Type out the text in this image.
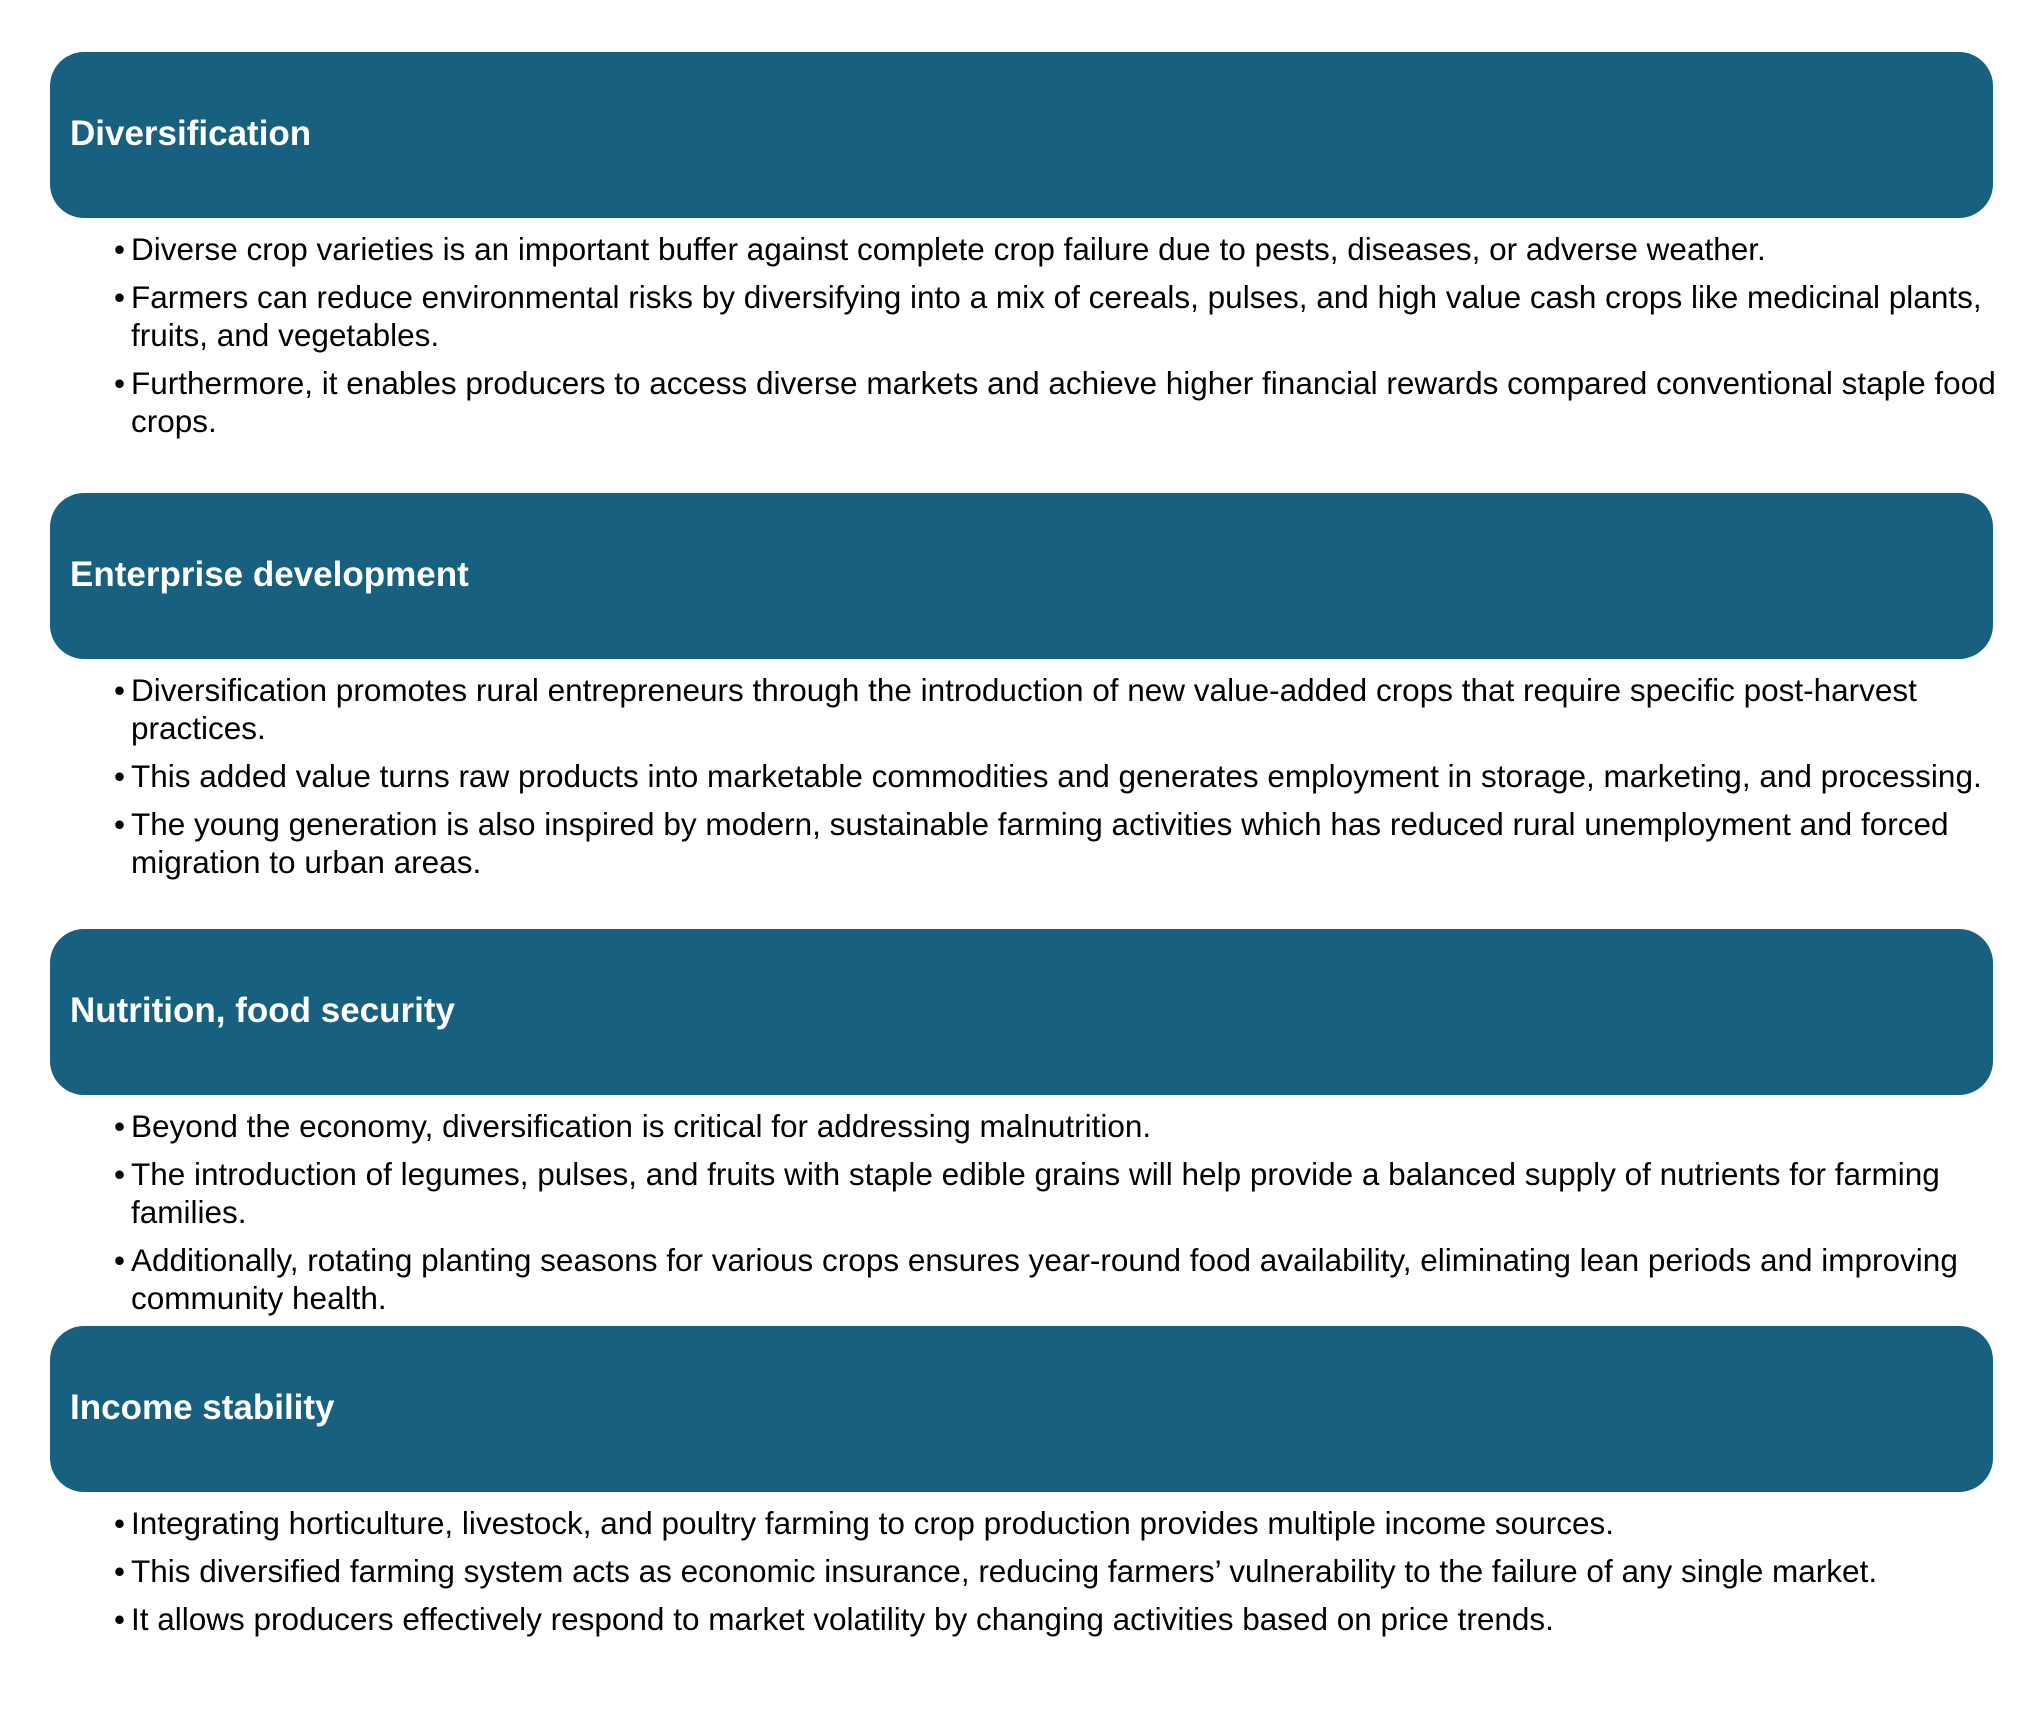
Diversification
• Diverse crop varieties is an important buffer against complete crop failure due to pests, diseases, or adverse weather.
• Farmers can reduce environmental risks by diversifying into a mix of cereals, pulses, and high value cash crops like medicinal plants, fruits, and vegetables.
• Furthermore, it enables producers to access diverse markets and achieve higher financial rewards compared conventional staple food crops.
Enterprise development
• Diversification promotes rural entrepreneurs through the introduction of new value-added crops that require specific post-harvest practices.
• This added value turns raw products into marketable commodities and generates employment in storage, marketing, and processing.
• The young generation is also inspired by modern, sustainable farming activities which has reduced rural unemployment and forced migration to urban areas.
Nutrition, food security
• Beyond the economy, diversification is critical for addressing malnutrition.
• The introduction of legumes, pulses, and fruits with staple edible grains will help provide a balanced supply of nutrients for farming families.
• Additionally, rotating planting seasons for various crops ensures year-round food availability, eliminating lean periods and improving community health.
Income stability
• Integrating horticulture, livestock, and poultry farming to crop production provides multiple income sources.
• This diversified farming system acts as economic insurance, reducing farmers’ vulnerability to the failure of any single market.
• It allows producers effectively respond to market volatility by changing activities based on price trends.
